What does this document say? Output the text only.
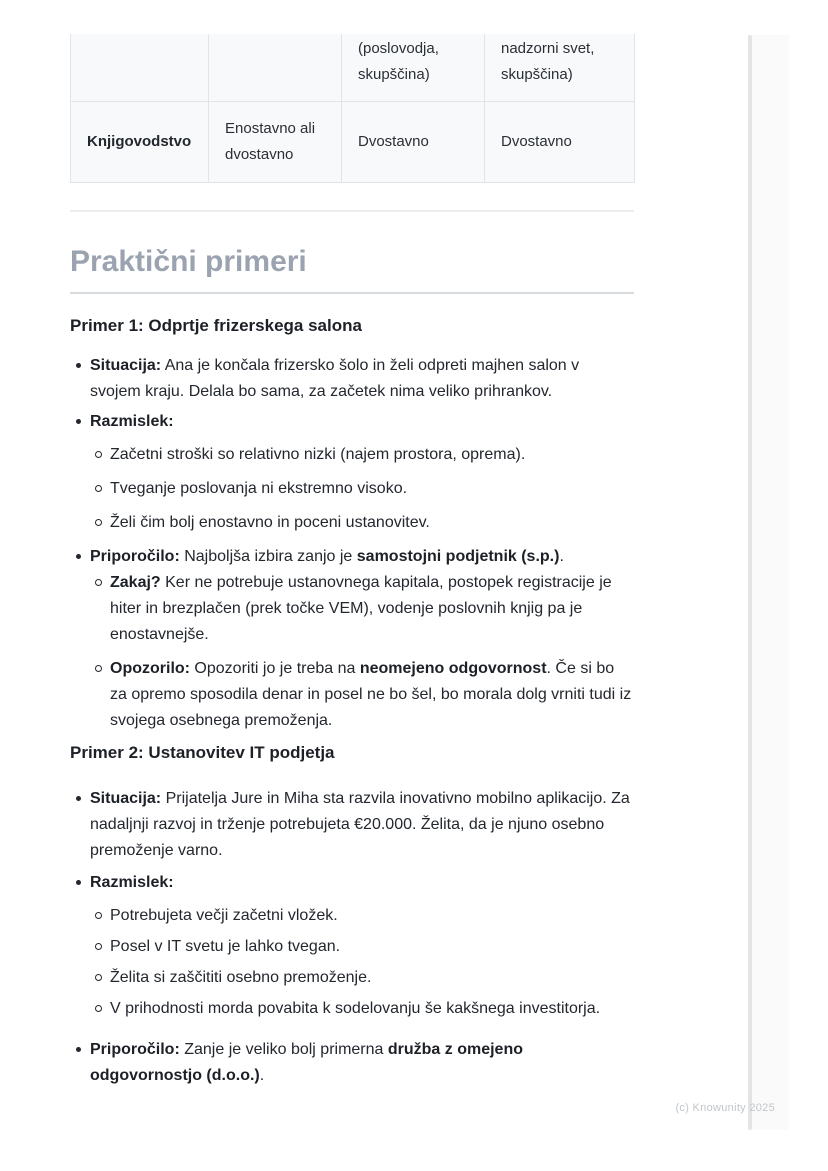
		(poslovodja, skupščina)	nadzorni svet, skupščina)
Knjigovodstvo	Enostavno ali dvostavno	Dvostavno	Dvostavno
Praktični primeri
Primer 1: Odprtje frizerskega salona
Situacija: Ana je končala frizersko šolo in želi odpreti majhen salon v svojem kraju. Delala bo sama, za začetek nima veliko prihrankov.
Razmislek:
Začetni stroški so relativno nizki (najem prostora, oprema).
Tveganje poslovanja ni ekstremno visoko.
Želi čim bolj enostavno in poceni ustanovitev.
Priporočilo: Najboljša izbira zanjo je samostojni podjetnik (s.p.).
Zakaj? Ker ne potrebuje ustanovnega kapitala, postopek registracije je hiter in brezplačen (prek točke VEM), vodenje poslovnih knjig pa je enostavnejše.
Opozorilo: Opozoriti jo je treba na neomejeno odgovornost. Če si bo za opremo sposodila denar in posel ne bo šel, bo morala dolg vrniti tudi iz svojega osebnega premoženja.
Primer 2: Ustanovitev IT podjetja
Situacija: Prijatelja Jure in Miha sta razvila inovativno mobilno aplikacijo. Za nadaljnji razvoj in trženje potrebujeta €20.000. Želita, da je njuno osebno premoženje varno.
Razmislek:
Potrebujeta večji začetni vložek.
Posel v IT svetu je lahko tvegan.
Želita si zaščititi osebno premoženje.
V prihodnosti morda povabita k sodelovanju še kakšnega investitorja.
Priporočilo: Zanje je veliko bolj primerna družba z omejeno odgovornostjo (d.o.o.).
(c) Knowunity 2025
